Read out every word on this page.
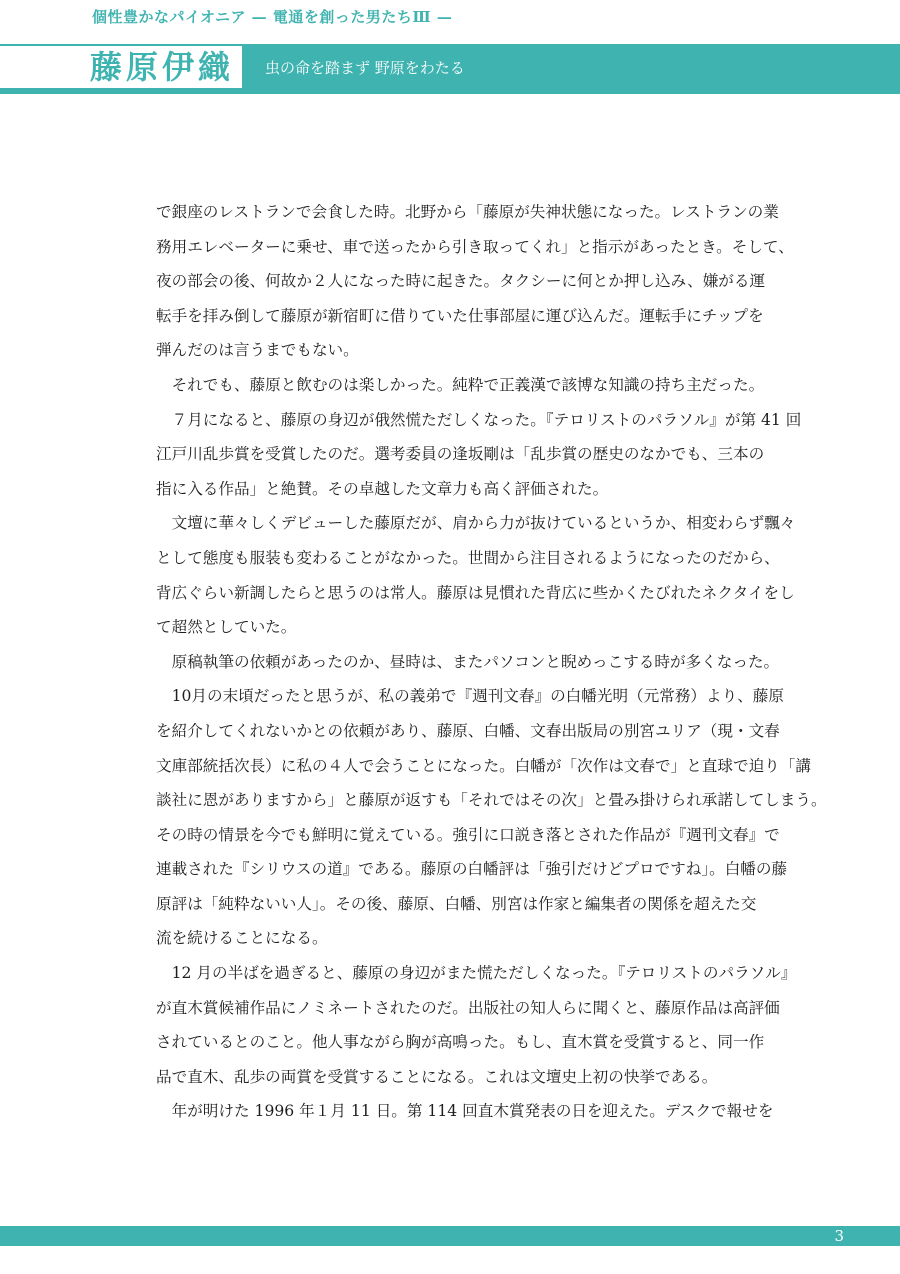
個性豊かなパイオニア — 電通を創った男たちⅢ —
藤原伊織 虫の命を踏まず 野原をわたる

で銀座のレストランで会食した時。北野から「藤原が失神状態になった。レストランの業

務用エレベーターに乗せ、車で送ったから引き取ってくれ」と指示があったとき。そして、

夜の部会の後、何故か２人になった時に起きた。タクシーに何とか押し込み、嫌がる運

転手を拝み倒して藤原が新宿町に借りていた仕事部屋に運び込んだ。運転手にチップを

弾んだのは言うまでもない。

　それでも、藤原と飲むのは楽しかった。純粋で正義漢で該博な知識の持ち主だった。

　７月になると、藤原の身辺が俄然慌ただしくなった。『テロリストのパラソル』が第 41 回

江戸川乱歩賞を受賞したのだ。選考委員の逢坂剛は「乱歩賞の歴史のなかでも、三本の

指に入る作品」と絶賛。その卓越した文章力も高く評価された。

　文壇に華々しくデビューした藤原だが、肩から力が抜けているというか、相変わらず飄々

として態度も服装も変わることがなかった。世間から注目されるようになったのだから、

背広ぐらい新調したらと思うのは常人。藤原は見慣れた背広に些かくたびれたネクタイをし

て超然としていた。

　原稿執筆の依頼があったのか、昼時は、またパソコンと睨めっこする時が多くなった。

　10月の末頃だったと思うが、私の義弟で『週刊文春』の白幡光明（元常務）より、藤原

を紹介してくれないかとの依頼があり、藤原、白幡、文春出版局の別宮ユリア（現・文春

文庫部統括次長）に私の４人で会うことになった。白幡が「次作は文春で」と直球で迫り「講

談社に恩がありますから」と藤原が返すも「それではその次」と畳み掛けられ承諾してしまう。

その時の情景を今でも鮮明に覚えている。強引に口説き落とされた作品が『週刊文春』で

連載された『シリウスの道』である。藤原の白幡評は「強引だけどプロですね」。白幡の藤

原評は「純粋ないい人」。その後、藤原、白幡、別宮は作家と編集者の関係を超えた交

流を続けることになる。

　12 月の半ばを過ぎると、藤原の身辺がまた慌ただしくなった。『テロリストのパラソル』

が直木賞候補作品にノミネートされたのだ。出版社の知人らに聞くと、藤原作品は高評価

されているとのこと。他人事ながら胸が高鳴った。もし、直木賞を受賞すると、同一作

品で直木、乱歩の両賞を受賞することになる。これは文壇史上初の快挙である。

　年が明けた 1996 年１月 11 日。第 114 回直木賞発表の日を迎えた。デスクで報せを

3
